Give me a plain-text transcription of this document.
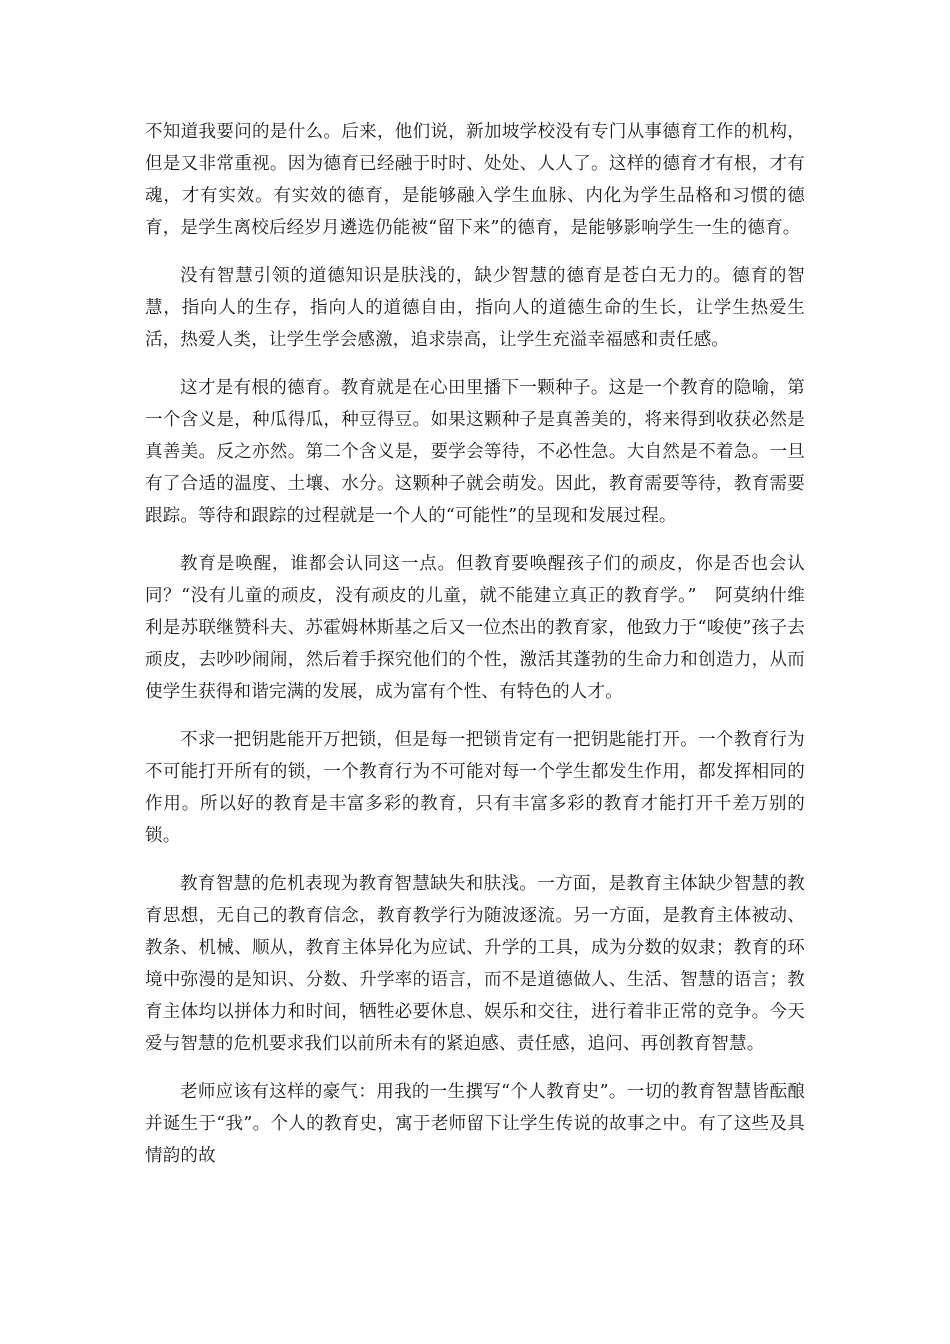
不知道我要问的是什么。后来，他们说，新加坡学校没有专门从事德育工作的机构，但是又非常重视。因为德育已经融于时时、处处、人人了。这样的德育才有根，才有魂，才有实效。有实效的德育，是能够融入学生血脉、内化为学生品格和习惯的德育，是学生离校后经岁月遴选仍能被“留下来”的德育，是能够影响学生一生的德育。

没有智慧引领的道德知识是肤浅的，缺少智慧的德育是苍白无力的。德育的智慧，指向人的生存，指向人的道德自由，指向人的道德生命的生长，让学生热爱生活，热爱人类，让学生学会感激，追求崇高，让学生充溢幸福感和责任感。

这才是有根的德育。教育就是在心田里播下一颗种子。这是一个教育的隐喻，第一个含义是，种瓜得瓜，种豆得豆。如果这颗种子是真善美的，将来得到收获必然是真善美。反之亦然。第二个含义是，要学会等待，不必性急。大自然是不着急。一旦有了合适的温度、土壤、水分。这颗种子就会萌发。因此，教育需要等待，教育需要跟踪。等待和跟踪的过程就是一个人的“可能性”的呈现和发展过程。

教育是唤醒，谁都会认同这一点。但教育要唤醒孩子们的顽皮，你是否也会认同？“没有儿童的顽皮，没有顽皮的儿童，就不能建立真正的教育学。”　阿莫纳什维利是苏联继赞科夫、苏霍姆林斯基之后又一位杰出的教育家，他致力于“唆使”孩子去顽皮，去吵吵闹闹，然后着手探究他们的个性，激活其蓬勃的生命力和创造力，从而使学生获得和谐完满的发展，成为富有个性、有特色的人才。

不求一把钥匙能开万把锁，但是每一把锁肯定有一把钥匙能打开。一个教育行为不可能打开所有的锁，一个教育行为不可能对每一个学生都发生作用，都发挥相同的作用。所以好的教育是丰富多彩的教育，只有丰富多彩的教育才能打开千差万别的锁。

教育智慧的危机表现为教育智慧缺失和肤浅。一方面，是教育主体缺少智慧的教育思想，无自己的教育信念，教育教学行为随波逐流。另一方面，是教育主体被动、教条、机械、顺从，教育主体异化为应试、升学的工具，成为分数的奴隶；教育的环境中弥漫的是知识、分数、升学率的语言，而不是道德做人、生活、智慧的语言；教育主体均以拼体力和时间，牺牲必要休息、娱乐和交往，进行着非正常的竞争。今天爱与智慧的危机要求我们以前所未有的紧迫感、责任感，追问、再创教育智慧。

老师应该有这样的豪气：用我的一生撰写“个人教育史”。一切的教育智慧皆酝酿并诞生于“我”。个人的教育史，寓于老师留下让学生传说的故事之中。有了这些及具情韵的故
